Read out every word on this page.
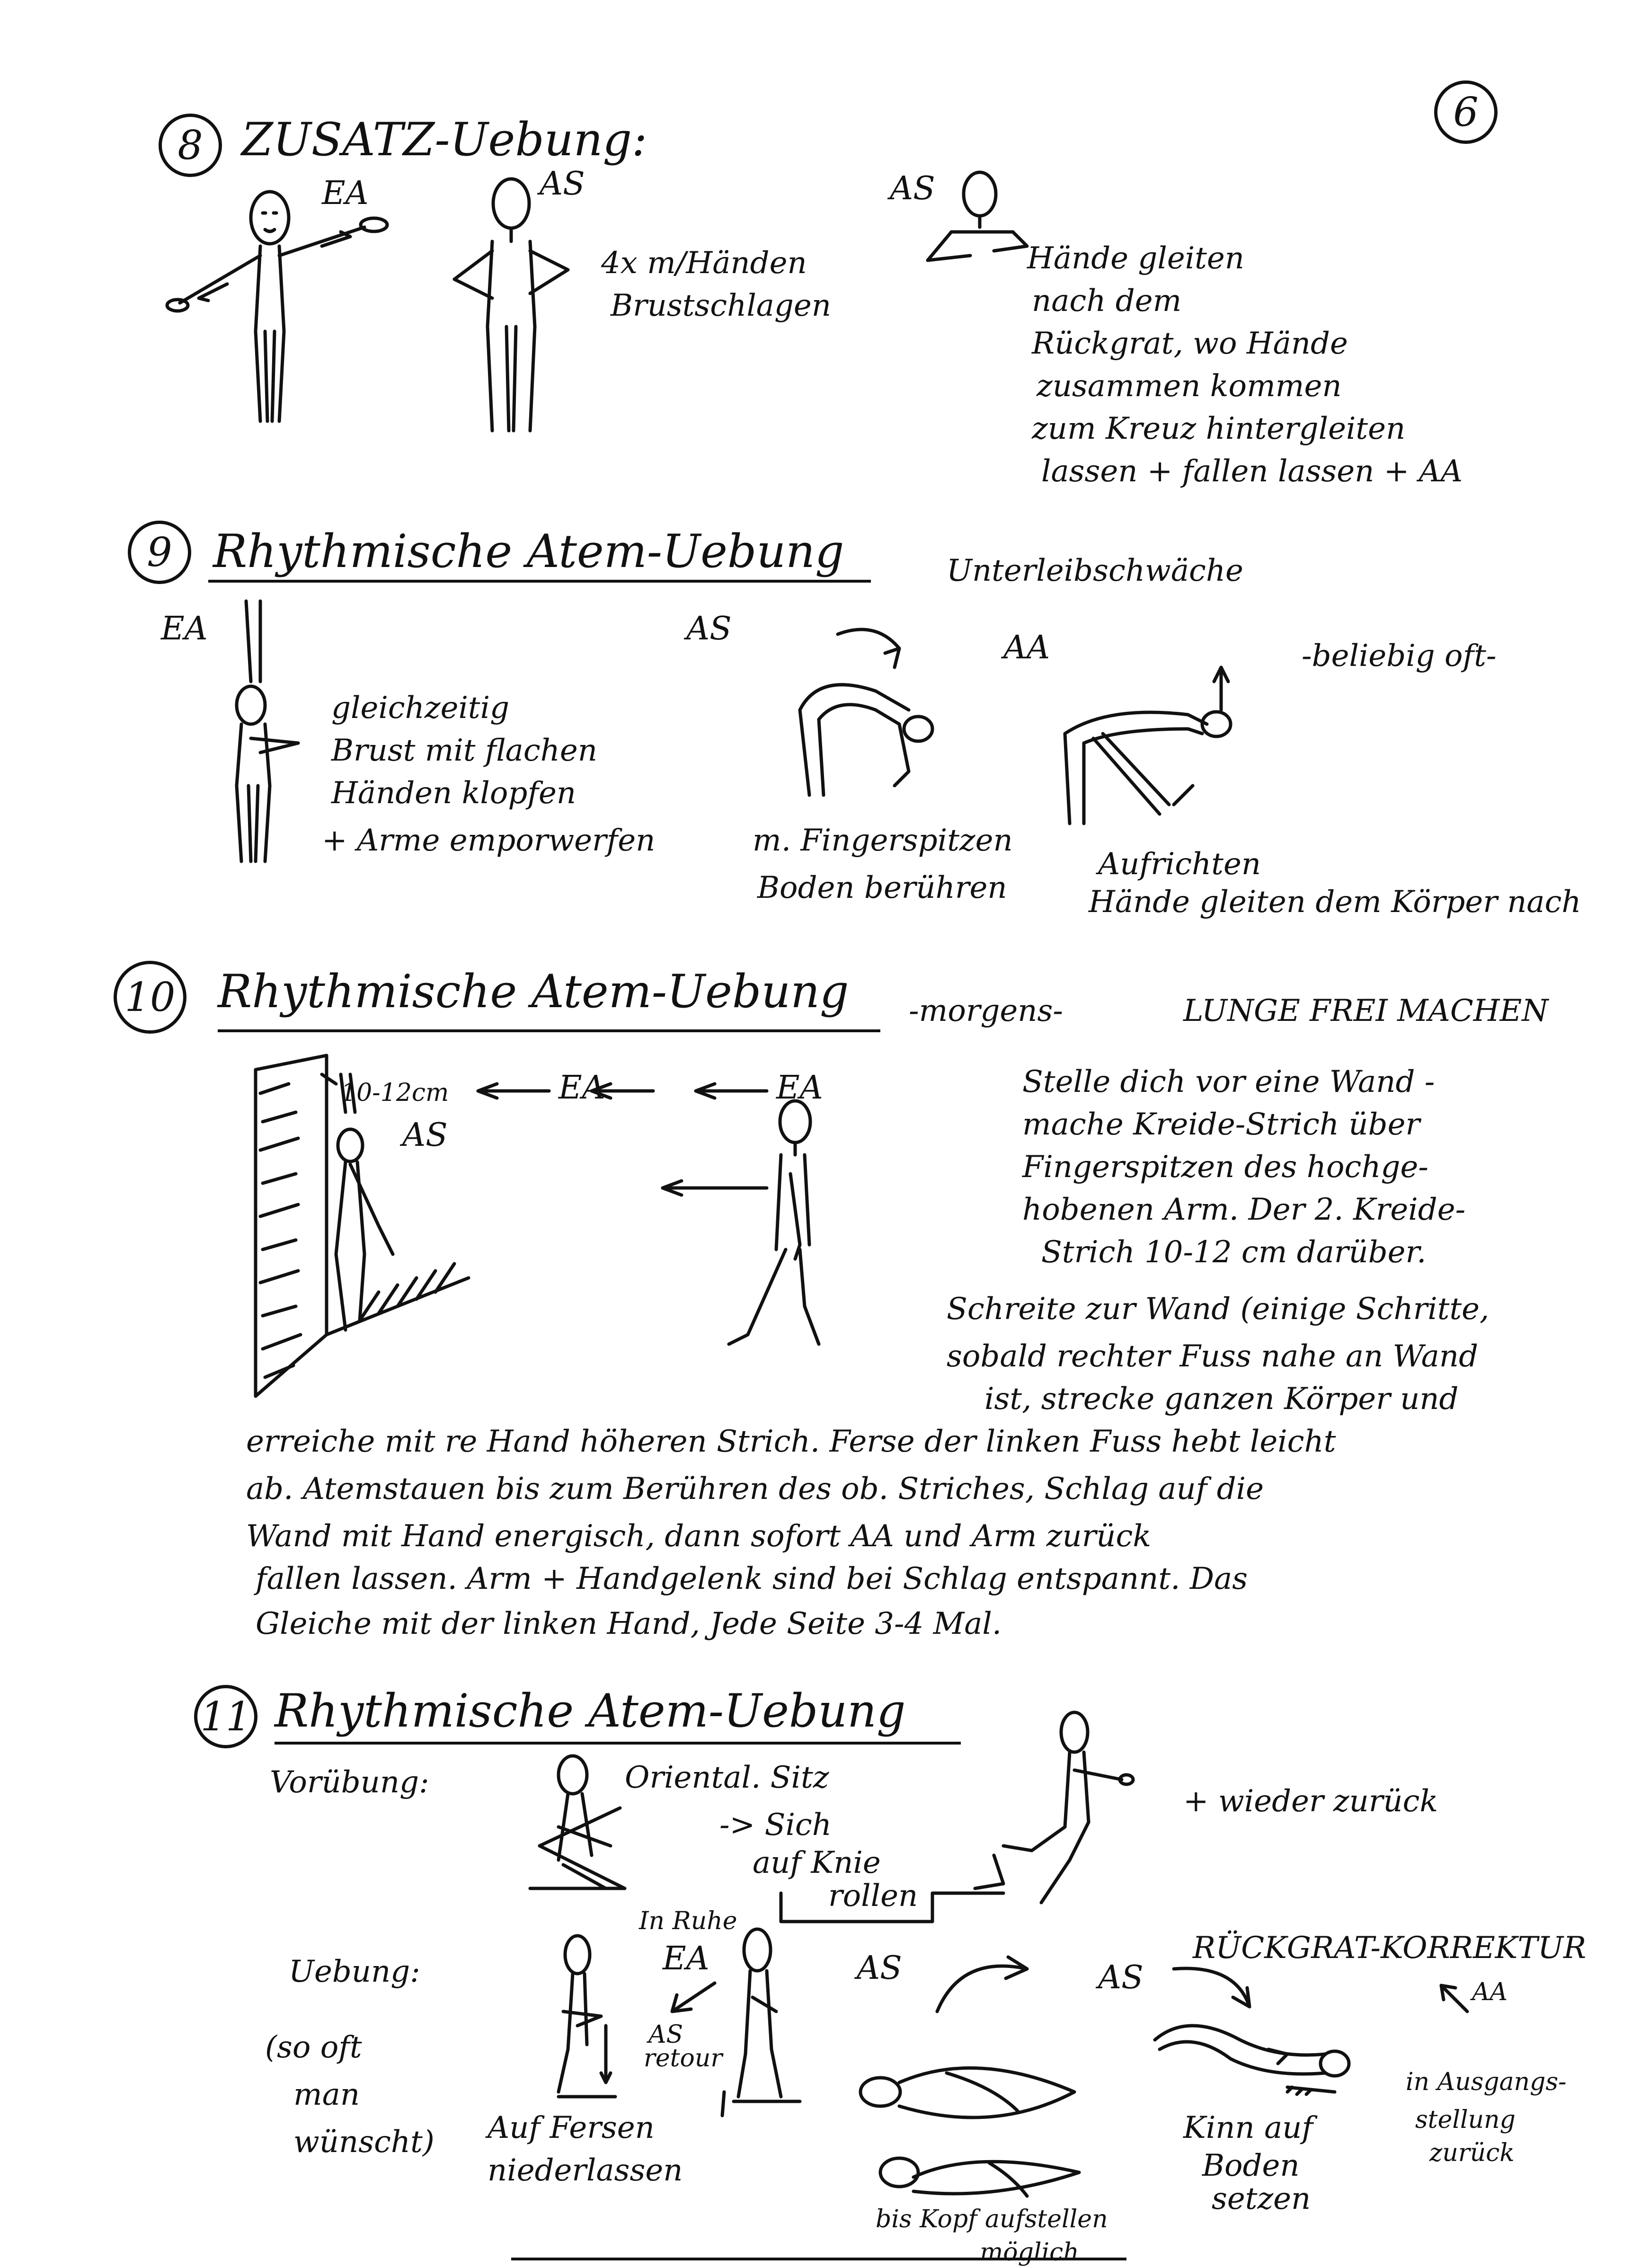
6
8 ZUSATZ-Uebung:
EA	AS	AS
4x m/Händen
Brustschlagen
Hände gleiten
nach dem
Rückgrat, wo Hände
zusammen kommen
zum Kreuz hintergleiten
lassen + fallen lassen + AA
9 Rhythmische Atem-Uebung	Unterleibschwäche
EA	AS
AA	-beliebig oft-
gleichzeitig
Brust mit flachen
Händen klopfen
+ Arme emporwerfen	m. Fingerspitzen
Boden berühren
Aufrichten
Hände gleiten dem Körper nach
10 Rhythmische Atem-Uebung -morgens-	LUNGE FREI MACHEN
10-12cm
AS
EA	EA	Stelle dich vor eine Wand -
mache Kreide-Strich über
Fingerspitzen des hochge-
hobenen Arm. Der 2. Kreide-
Strich 10-12 cm darüber.
Schreite zur Wand (einige Schritte,
sobald rechter Fuss nahe an Wand
ist, strecke ganzen Körper und
erreiche mit re Hand höheren Strich. Ferse der linken Fuss hebt leicht
ab. Atemstauen bis zum Berühren des ob. Striches, Schlag auf die
Wand mit Hand energisch, dann sofort AA und Arm zurück
fallen lassen. Arm + Handgelenk sind bei Schlag entspannt. Das
Gleiche mit der linken Hand, Jede Seite 3-4 Mal.
11 Rhythmische Atem-Uebung
Vorübung:	Oriental. Sitz
-> Sich
auf Knie
rollen
+ wieder zurück
Uebung:
(so oft
man
wünscht)
In Ruhe
EA
AS
retour
AS	AS
RÜCKGRAT-KORREKTUR
AA
Auf Fersen
niederlassen
bis Kopf aufstellen
möglich
Kinn auf
Boden
setzen
in Ausgangs-
stellung
zurück
